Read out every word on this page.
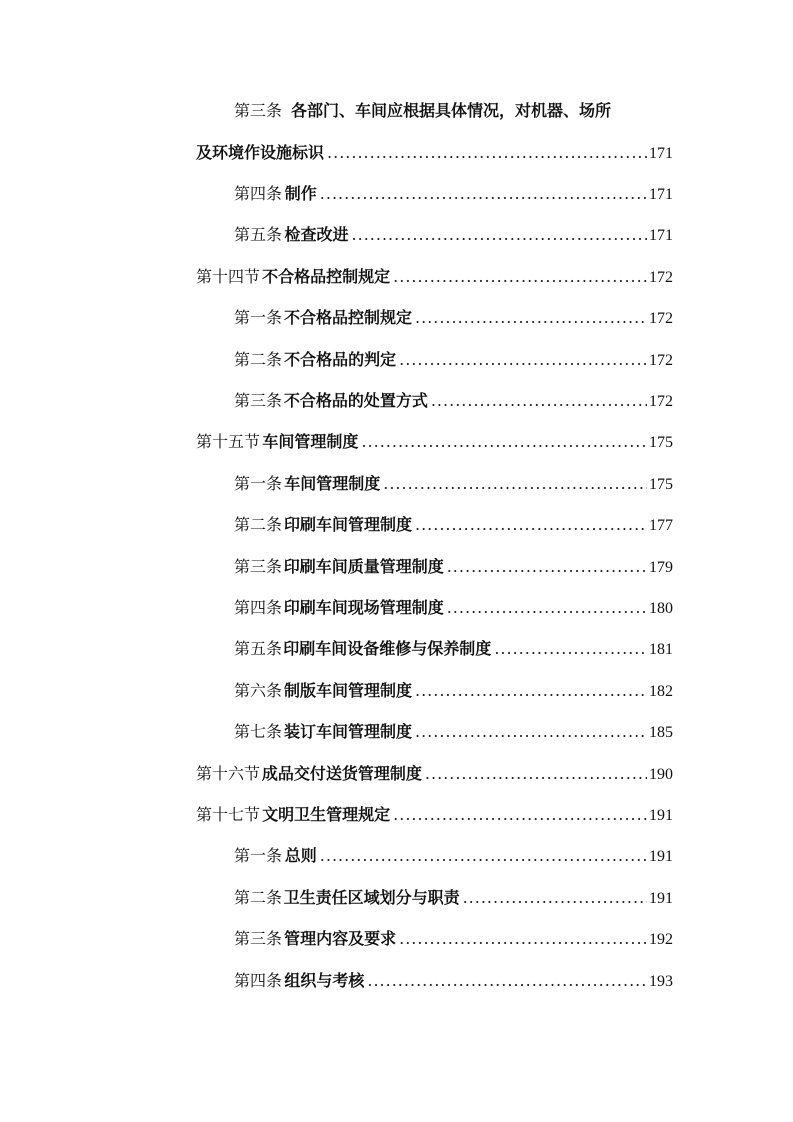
第三条 各部门、车间应根据具体情况，对机器、场所
及环境作设施标识 .....	171
第四条 制作 .....	171
第五条 检查改进 .....	171
第十四节 不合格品控制规定 .....	172
第一条 不合格品控制规定 .....	172
第二条 不合格品的判定 .....	172
第三条 不合格品的处置方式 .....	172
第十五节 车间管理制度 .....	175
第一条 车间管理制度 .....	175
第二条 印刷车间管理制度 .....	177
第三条 印刷车间质量管理制度 .....	179
第四条 印刷车间现场管理制度 .....	180
第五条 印刷车间设备维修与保养制度 .....	181
第六条 制版车间管理制度 .....	182
第七条 装订车间管理制度 .....	185
第十六节 成品交付送货管理制度 .....	190
第十七节 文明卫生管理规定 .....	191
第一条 总则 .....	191
第二条 卫生责任区域划分与职责 .....	191
第三条 管理内容及要求 .....	192
第四条 组织与考核 .....	193
